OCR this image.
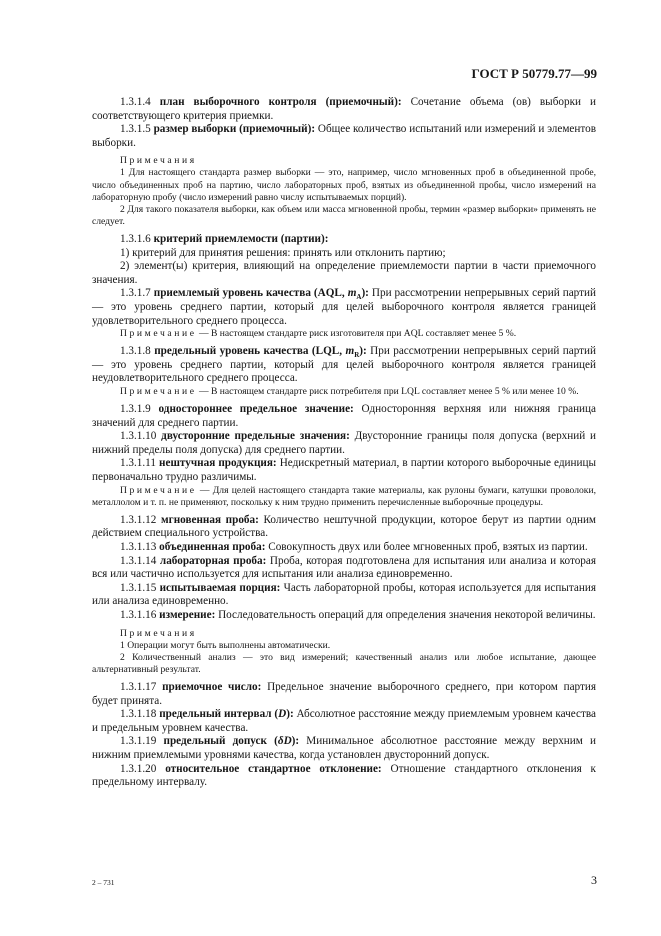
ГОСТ Р 50779.77—99

1.3.1.4 план выборочного контроля (приемочный): Сочетание объема (ов) выборки и соответствующего критерия приемки.

1.3.1.5 размер выборки (приемочный): Общее количество испытаний или измерений и элементов выборки.

Примечания

1 Для настоящего стандарта размер выборки — это, например, число мгновенных проб в объединенной пробе, число объединенных проб на партию, число лабораторных проб, взятых из объединенной пробы, число измерений на лабораторную пробу (число измерений равно числу испытываемых порций).

2 Для такого показателя выборки, как объем или масса мгновенной пробы, термин «размер выборки» применять не следует.

1.3.1.6 критерий приемлемости (партии):

1) критерий для принятия решения: принять или отклонить партию;

2) элемент(ы) критерия, влияющий на определение приемлемости партии в части приемочного значения.

1.3.1.7 приемлемый уровень качества (AQL, $m_A$): При рассмотрении непрерывных серий партий — это уровень среднего партии, который для целей выборочного контроля является границей удовлетворительного среднего процесса.

Примечание — В настоящем стандарте риск изготовителя при AQL составляет менее 5 %.

1.3.1.8 предельный уровень качества (LQL, $m_R$): При рассмотрении непрерывных серий партий — это уровень среднего партии, который для целей выборочного контроля является границей неудовлетворительного среднего процесса.

Примечание — В настоящем стандарте риск потребителя при LQL составляет менее 5 % или менее 10 %.

1.3.1.9 одностороннее предельное значение: Односторонняя верхняя или нижняя граница значений для среднего партии.

1.3.1.10 двусторонние предельные значения: Двусторонние границы поля допуска (верхний и нижний пределы поля допуска) для среднего партии.

1.3.1.11 нештучная продукция: Недискретный материал, в партии которого выборочные единицы первоначально трудно различимы.

Примечание — Для целей настоящего стандарта такие материалы, как рулоны бумаги, катушки проволоки, металлолом и т. п. не применяют, поскольку к ним трудно применить перечисленные выборочные процедуры.

1.3.1.12 мгновенная проба: Количество нештучной продукции, которое берут из партии одним действием специального устройства.

1.3.1.13 объединенная проба: Совокупность двух или более мгновенных проб, взятых из партии.

1.3.1.14 лабораторная проба: Проба, которая подготовлена для испытания или анализа и которая вся или частично используется для испытания или анализа единовременно.

1.3.1.15 испытываемая порция: Часть лабораторной пробы, которая используется для испытания или анализа единовременно.

1.3.1.16 измерение: Последовательность операций для определения значения некоторой величины.

Примечания

1 Операции могут быть выполнены автоматически.

2 Количественный анализ — это вид измерений; качественный анализ или любое испытание, дающее альтернативный результат.

1.3.1.17 приемочное число: Предельное значение выборочного среднего, при котором партия будет принята.

1.3.1.18 предельный интервал (D): Абсолютное расстояние между приемлемым уровнем качества и предельным уровнем качества.

1.3.1.19 предельный допуск (δD): Минимальное абсолютное расстояние между верхним и нижним приемлемыми уровнями качества, когда установлен двусторонний допуск.

1.3.1.20 относительное стандартное отклонение: Отношение стандартного отклонения к предельному интервалу.

2 – 731	3
